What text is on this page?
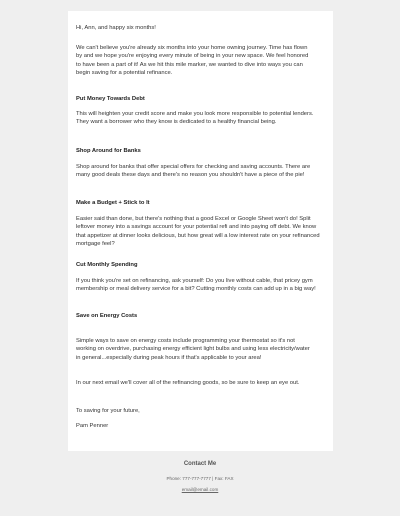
Hi, Ann, and happy six months!

We can't believe you're already six months into your home owning journey. Time has flown by and we hope you're enjoying every minute of being in your new space. We feel honored to have been a part of it! As we hit this mile marker, we wanted to dive into ways you can begin saving for a potential refinance.

Put Money Towards Debt

This will heighten your credit score and make you look more responsible to potential lenders. They want a borrower who they know is dedicated to a healthy financial being.

Shop Around for Banks

Shop around for banks that offer special offers for checking and saving accounts. There are many good deals these days and there's no reason you shouldn't have a piece of the pie!

Make a Budget + Stick to It

Easier said than done, but there's nothing that a good Excel or Google Sheet won't do! Split leftover money into a savings account for your potential refi and into paying off debt. We know that appetizer at dinner looks delicious, but how great will a low interest rate on your refinanced mortgage feel?

Cut Monthly Spending

If you think you're set on refinancing, ask yourself: Do you live without cable, that pricey gym membership or meal delivery service for a bit? Cutting monthly costs can add up in a big way!

Save on Energy Costs

Simple ways to save on energy costs include programming your thermostat so it's not working on overdrive, purchasing energy efficient light bulbs and using less electricity/water in general...especially during peak hours if that's applicable to your area!

In our next email we'll cover all of the refinancing goods, so be sure to keep an eye out.

To saving for your future,

Pam Penner

Contact Me
Phone: 777-777-7777 | Fax: FAX
email@email.com
